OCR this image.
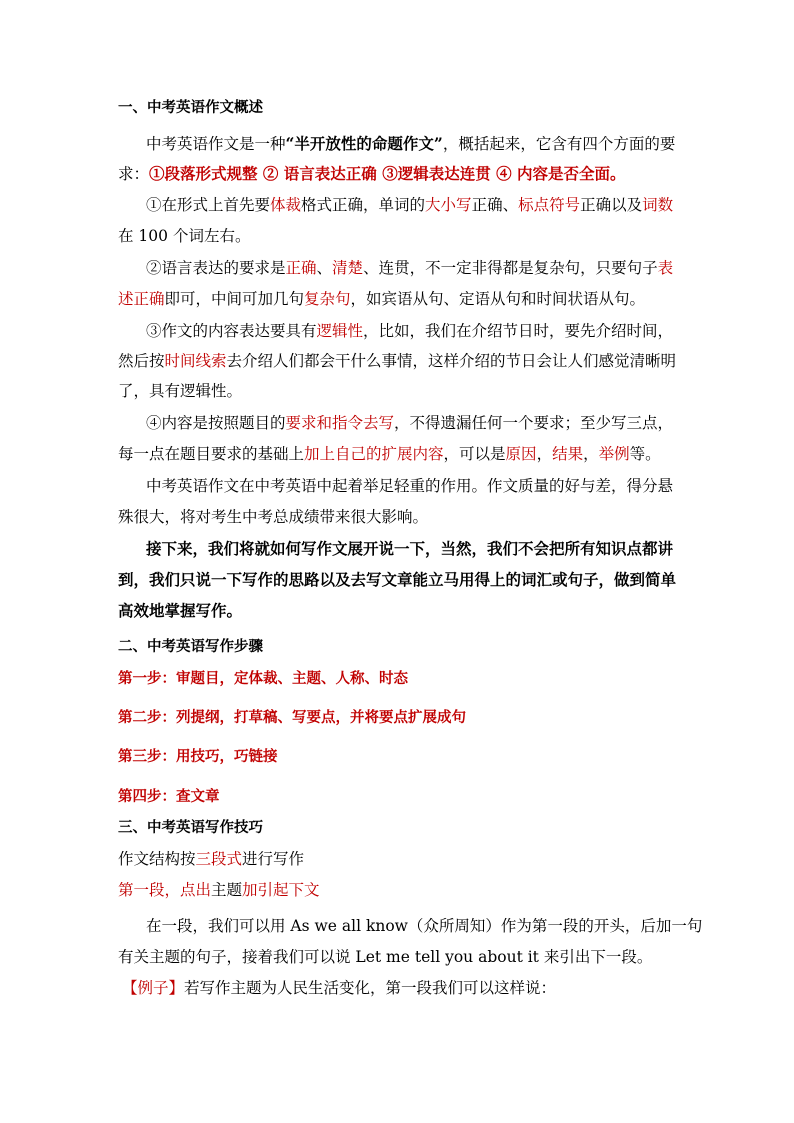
一、中考英语作文概述
中考英语作文是一种“半开放性的命题作文”，概括起来，它含有四个方面的要
求：①段落形式规整 ② 语言表达正确 ③逻辑表达连贯 ④ 内容是否全面。
①在形式上首先要体裁格式正确，单词的大小写正确、标点符号正确以及词数
在 100 个词左右。
②语言表达的要求是正确、清楚、连贯，不一定非得都是复杂句，只要句子表
述正确即可，中间可加几句复杂句，如宾语从句、定语从句和时间状语从句。
③作文的内容表达要具有逻辑性，比如，我们在介绍节日时，要先介绍时间，
然后按时间线索去介绍人们都会干什么事情，这样介绍的节日会让人们感觉清晰明
了，具有逻辑性。
④内容是按照题目的要求和指令去写，不得遗漏任何一个要求；至少写三点，
每一点在题目要求的基础上加上自己的扩展内容，可以是原因，结果，举例等。
中考英语作文在中考英语中起着举足轻重的作用。作文质量的好与差，得分悬
殊很大，将对考生中考总成绩带来很大影响。
接下来，我们将就如何写作文展开说一下，当然，我们不会把所有知识点都讲
到，我们只说一下写作的思路以及去写文章能立马用得上的词汇或句子，做到简单
高效地掌握写作。
二、中考英语写作步骤
第一步：审题目，定体裁、主题、人称、时态
第二步：列提纲，打草稿、写要点，并将要点扩展成句
第三步：用技巧，巧链接
第四步：查文章
三、中考英语写作技巧
作文结构按三段式进行写作
第一段，点出主题加引起下文
在一段，我们可以用 As we all know（众所周知）作为第一段的开头，后加一句
有关主题的句子，接着我们可以说 Let me tell you about it 来引出下一段。
【例子】若写作主题为人民生活变化，第一段我们可以这样说：
